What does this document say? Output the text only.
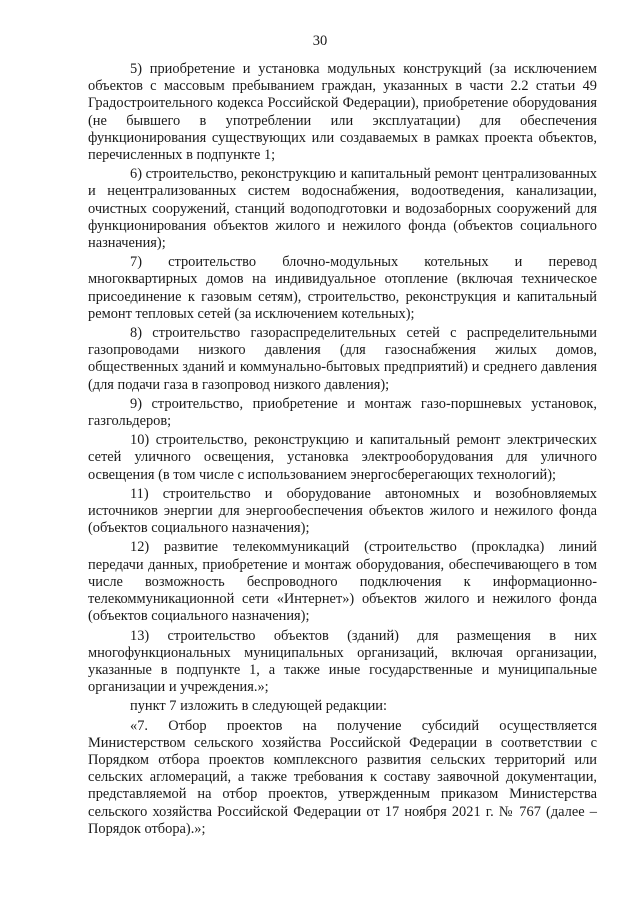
30

5) приобретение и установка модульных конструкций (за исключением объектов с массовым пребыванием граждан, указанных в части 2.2 статьи 49 Градостроительного кодекса Российской Федерации), приобретение оборудования (не бывшего в употреблении или эксплуатации) для обеспечения функционирования существующих или создаваемых в рамках проекта объектов, перечисленных в подпункте 1;

6) строительство, реконструкцию и капитальный ремонт централизованных и нецентрализованных систем водоснабжения, водоотведения, канализации, очистных сооружений, станций водоподготовки и водозаборных сооружений для функционирования объектов жилого и нежилого фонда (объектов социального назначения);

7) строительство блочно-модульных котельных и перевод многоквартирных домов на индивидуальное отопление (включая техническое присоединение к газовым сетям), строительство, реконструкция и капитальный ремонт тепловых сетей (за исключением котельных);

8) строительство газораспределительных сетей с распределительными газопроводами низкого давления (для газоснабжения жилых домов, общественных зданий и коммунально-бытовых предприятий) и среднего давления (для подачи газа в газопровод низкого давления);

9) строительство, приобретение и монтаж газо-поршневых установок, газгольдеров;

10) строительство, реконструкцию и капитальный ремонт электрических сетей уличного освещения, установка электрооборудования для уличного освещения (в том числе с использованием энергосберегающих технологий);

11) строительство и оборудование автономных и возобновляемых источников энергии для энергообеспечения объектов жилого и нежилого фонда (объектов социального назначения);

12) развитие телекоммуникаций (строительство (прокладка) линий передачи данных, приобретение и монтаж оборудования, обеспечивающего в том числе возможность беспроводного подключения к информационно-телекоммуникационной сети «Интернет») объектов жилого и нежилого фонда (объектов социального назначения);

13) строительство объектов (зданий) для размещения в них многофункциональных муниципальных организаций, включая организации, указанные в подпункте 1, а также иные государственные и муниципальные организации и учреждения.»;

пункт 7 изложить в следующей редакции:

«7. Отбор проектов на получение субсидий осуществляется Министерством сельского хозяйства Российской Федерации в соответствии с Порядком отбора проектов комплексного развития сельских территорий или сельских агломераций, а также требования к составу заявочной документации, представляемой на отбор проектов, утвержденным приказом Министерства сельского хозяйства Российской Федерации от 17 ноября 2021 г. № 767 (далее – Порядок отбора).»;
